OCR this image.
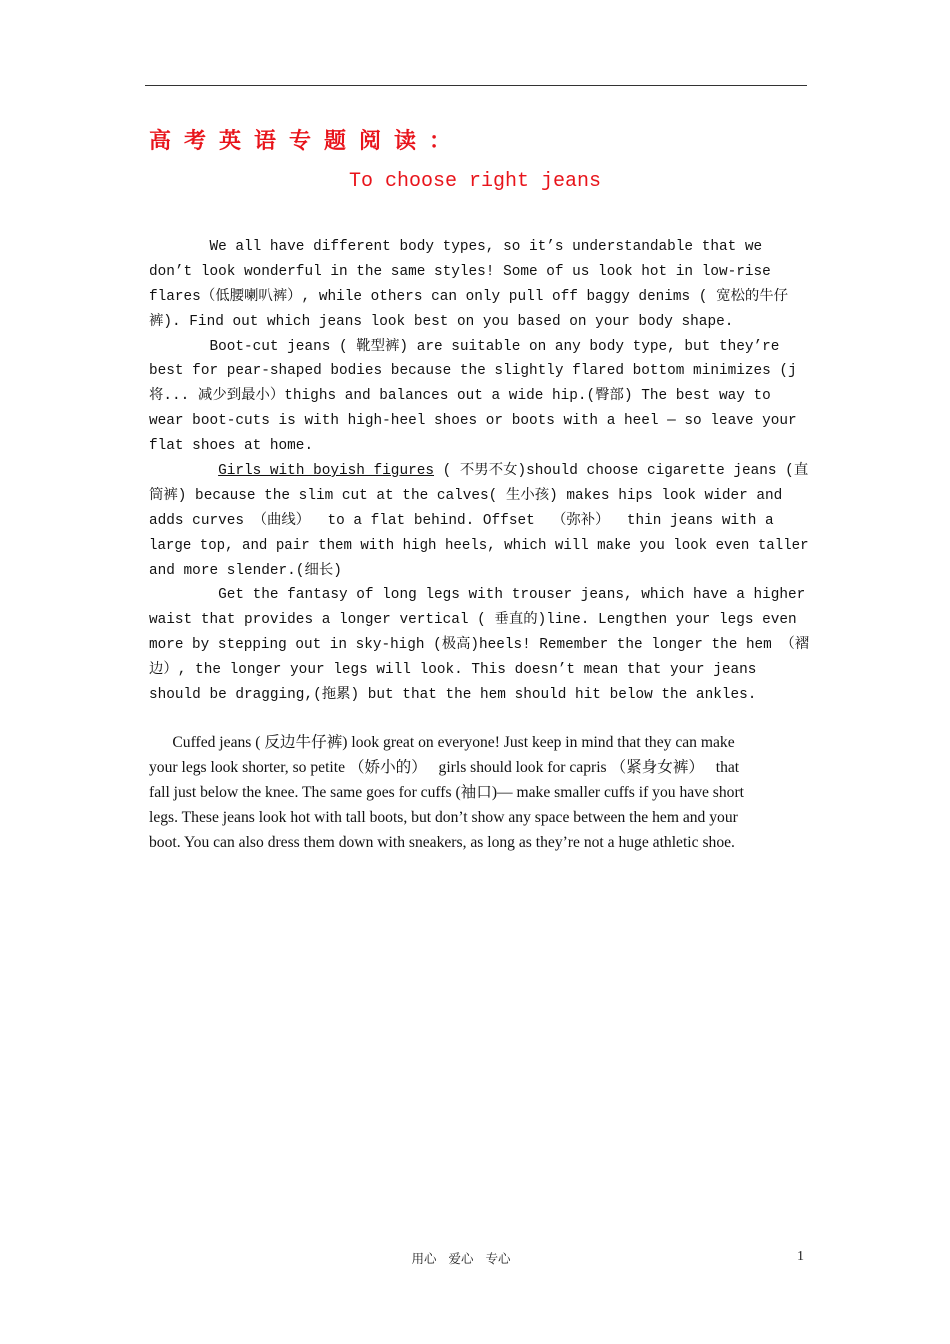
高考英语专题阅读：
To choose right jeans
We all have different body types, so it’s understandable that we
don’t look wonderful in the same styles! Some of us look hot in low-rise
flares（低腰喇叭裤）, while others can only pull off baggy denims ( 宽松的牛仔
裤). Find out which jeans look best on you based on your body shape.
Boot-cut jeans ( 靴型裤) are suitable on any body type, but they’re
best for pear-shaped bodies because the slightly flared bottom minimizes (j
将... 减少到最小）thighs and balances out a wide hip.(臀部) The best way to
wear boot-cuts is with high-heel shoes or boots with a heel — so leave your
flat shoes at home.
Girls with boyish figures ( 不男不女)should choose cigarette jeans (直
筒裤) because the slim cut at the calves( 生小孩) makes hips look wider and
adds curves （曲线）  to a flat behind. Offset  （弥补）  thin jeans with a
large top, and pair them with high heels, which will make you look even taller
and more slender.(细长)
Get the fantasy of long legs with trouser jeans, which have a higher
waist that provides a longer vertical ( 垂直的)line. Lengthen your legs even
more by stepping out in sky-high (极高)heels! Remember the longer the hem （褶
边）, the longer your legs will look. This doesn’t mean that your jeans
should be dragging,(拖累) but that the hem should hit below the ankles.
Cuffed jeans ( 反边牛仔裤) look great on everyone! Just keep in mind that they can make
your legs look shorter, so petite （娇小的）   girls should look for capris （紧身女裤）   that
fall just below the knee. The same goes for cuffs (袖口)— make smaller cuffs if you have short
legs. These jeans look hot with tall boots, but don’t show any space between the hem and your
boot. You can also dress them down with sneakers, as long as they’re not a huge athletic shoe.
用心 爱心 专心	1
